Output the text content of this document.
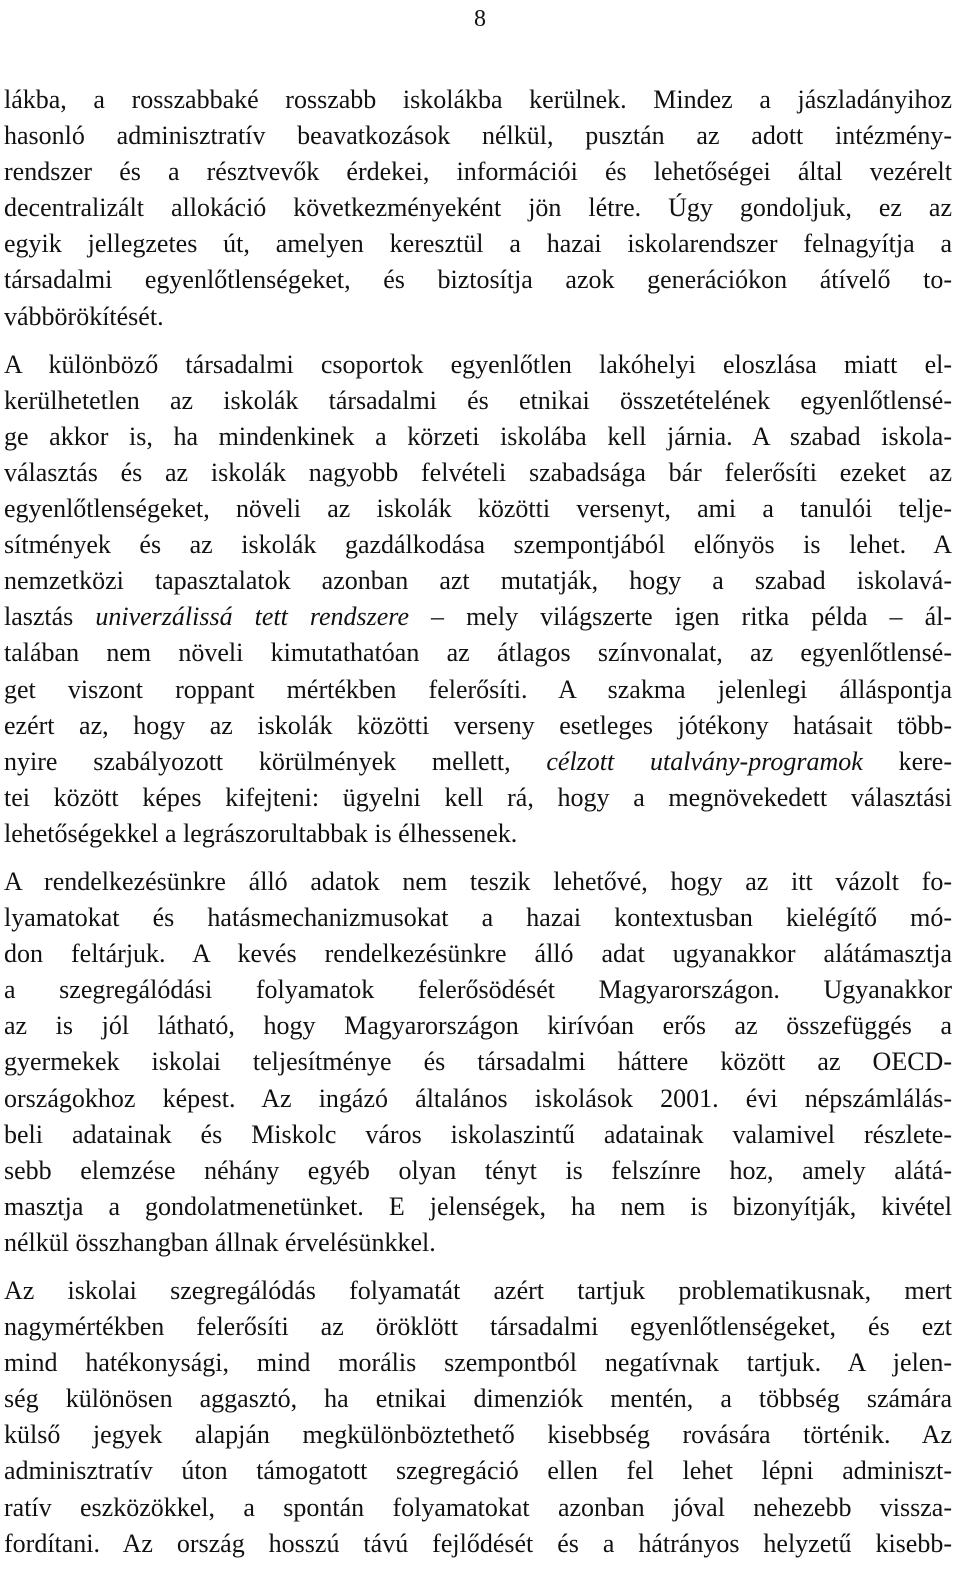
8
lákba, a rosszabbaké rosszabb iskolákba kerülnek. Mindez a jászladányihoz
hasonló adminisztratív beavatkozások nélkül, pusztán az adott intézmény-
rendszer és a résztvevők érdekei, információi és lehetőségei által vezérelt
decentralizált allokáció következményeként jön létre. Úgy gondoljuk, ez az
egyik jellegzetes út, amelyen keresztül a hazai iskolarendszer felnagyítja a
társadalmi egyenlőtlenségeket, és biztosítja azok generációkon átívelő to-
vábbörökítését.
A különböző társadalmi csoportok egyenlőtlen lakóhelyi eloszlása miatt el-
kerülhetetlen az iskolák társadalmi és etnikai összetételének egyenlőtlensé-
ge akkor is, ha mindenkinek a körzeti iskolába kell járnia. A szabad iskola-
választás és az iskolák nagyobb felvételi szabadsága bár felerősíti ezeket az
egyenlőtlenségeket, növeli az iskolák közötti versenyt, ami a tanulói telje-
sítmények és az iskolák gazdálkodása szempontjából előnyös is lehet. A
nemzetközi tapasztalatok azonban azt mutatják, hogy a szabad iskolavá-
lasztás univerzálissá tett rendszere – mely világszerte igen ritka példa – ál-
talában nem növeli kimutathatóan az átlagos színvonalat, az egyenlőtlensé-
get viszont roppant mértékben felerősíti. A szakma jelenlegi álláspontja
ezért az, hogy az iskolák közötti verseny esetleges jótékony hatásait több-
nyire szabályozott körülmények mellett, célzott utalvány-programok kere-
tei között képes kifejteni: ügyelni kell rá, hogy a megnövekedett választási
lehetőségekkel a legrászorultabbak is élhessenek.
A rendelkezésünkre álló adatok nem teszik lehetővé, hogy az itt vázolt fo-
lyamatokat és hatásmechanizmusokat a hazai kontextusban kielégítő mó-
don feltárjuk. A kevés rendelkezésünkre álló adat ugyanakkor alátámasztja
a szegregálódási folyamatok felerősödését Magyarországon. Ugyanakkor
az is jól látható, hogy Magyarországon kirívóan erős az összefüggés a
gyermekek iskolai teljesítménye és társadalmi háttere között az OECD-
országokhoz képest. Az ingázó általános iskolások 2001. évi népszámlálás-
beli adatainak és Miskolc város iskolaszintű adatainak valamivel részlete-
sebb elemzése néhány egyéb olyan tényt is felszínre hoz, amely alátá-
masztja a gondolatmenetünket. E jelenségek, ha nem is bizonyítják, kivétel
nélkül összhangban állnak érvelésünkkel.
Az iskolai szegregálódás folyamatát azért tartjuk problematikusnak, mert
nagymértékben felerősíti az öröklött társadalmi egyenlőtlenségeket, és ezt
mind hatékonysági, mind morális szempontból negatívnak tartjuk. A jelen-
ség különösen aggasztó, ha etnikai dimenziók mentén, a többség számára
külső jegyek alapján megkülönböztethető kisebbség rovására történik. Az
adminisztratív úton támogatott szegregáció ellen fel lehet lépni adminiszt-
ratív eszközökkel, a spontán folyamatokat azonban jóval nehezebb vissza-
fordítani. Az ország hosszú távú fejlődését és a hátrányos helyzetű kisebb-
